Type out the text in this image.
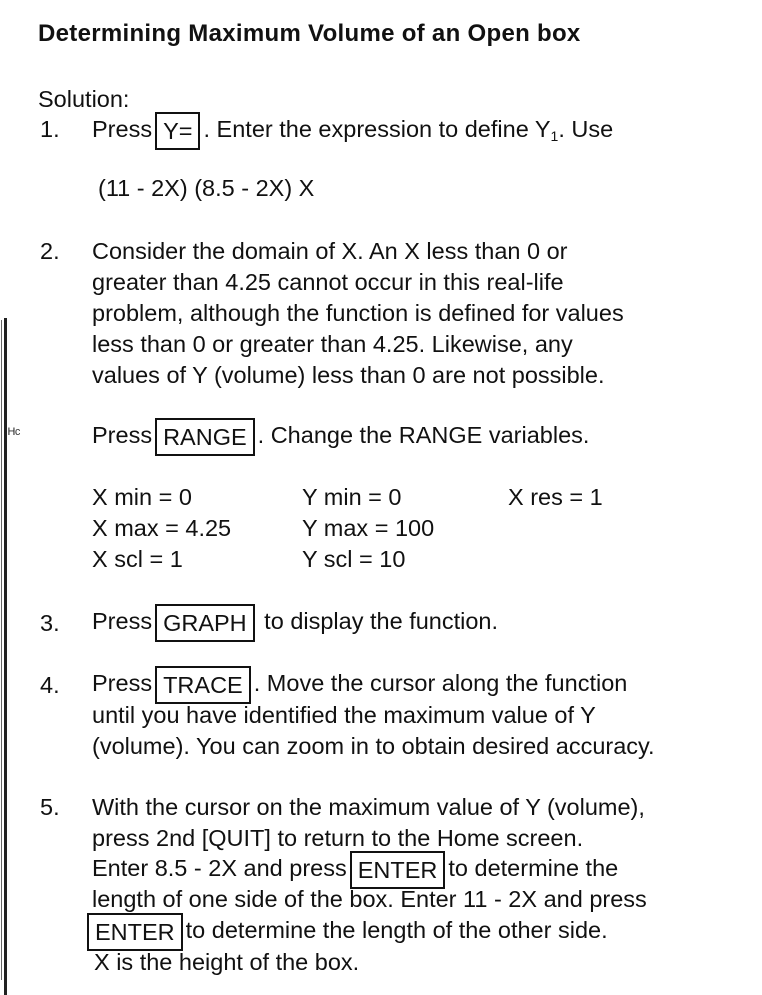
ᴴᶜ
Determining Maximum Volume of an Open box
Solution:
1. Press Y= . Enter the expression to define $Y_1$. Use
(11 - 2X) (8.5 - 2X) X
2. Consider the domain of X. An X less than 0 or
greater than 4.25 cannot occur in this real-life
problem, although the function is defined for values
less than 0 or greater than 4.25. Likewise, any
values of Y (volume) less than 0 are not possible.
Press RANGE . Change the RANGE variables.
X min = 0
X max = 4.25
X scl = 1
Y min = 0
Y max = 100
Y scl = 10
X res = 1
3. Press GRAPH to display the function.
4. Press TRACE . Move the cursor along the function
until you have identified the maximum value of Y
(volume). You can zoom in to obtain desired accuracy.
5. With the cursor on the maximum value of Y (volume),
press 2nd [QUIT] to return to the Home screen.
Enter 8.5 - 2X and press ENTER to determine the
length of one side of the box. Enter 11 - 2X and press
ENTER to determine the length of the other side.
X is the height of the box.
